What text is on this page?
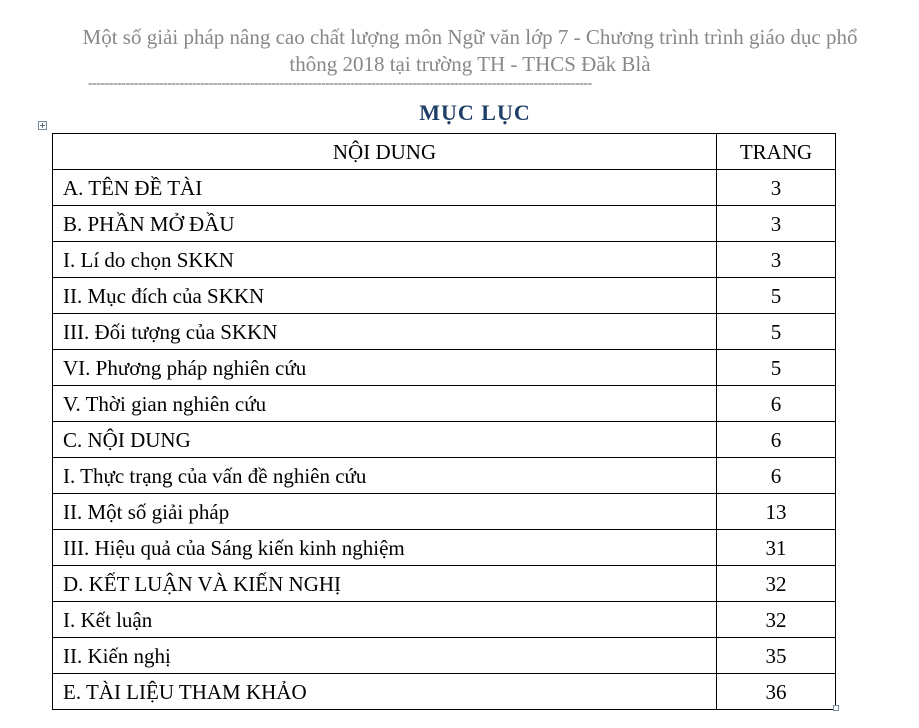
Một số giải pháp nâng cao chất lượng môn Ngữ văn lớp 7 - Chương trình trình giáo dục phổ
thông 2018 tại trường TH - THCS Đăk Blà
-------------------------------------------------------------------------------------------------------------------------
MỤC LỤC
NỘI DUNG	TRANG
A. TÊN ĐỀ TÀI	3
B. PHẦN MỞ ĐẦU	3
I. Lí do chọn SKKN	3
II. Mục đích của SKKN	5
III. Đối tượng của SKKN	5
VI. Phương pháp nghiên cứu	5
V. Thời gian nghiên cứu	6
C. NỘI DUNG	6
I. Thực trạng của vấn đề nghiên cứu	6
II. Một số giải pháp	13
III. Hiệu quả của Sáng kiến kinh nghiệm	31
D. KẾT LUẬN VÀ KIẾN NGHỊ	32
I. Kết luận	32
II. Kiến nghị	35
E. TÀI LIỆU THAM KHẢO	36
